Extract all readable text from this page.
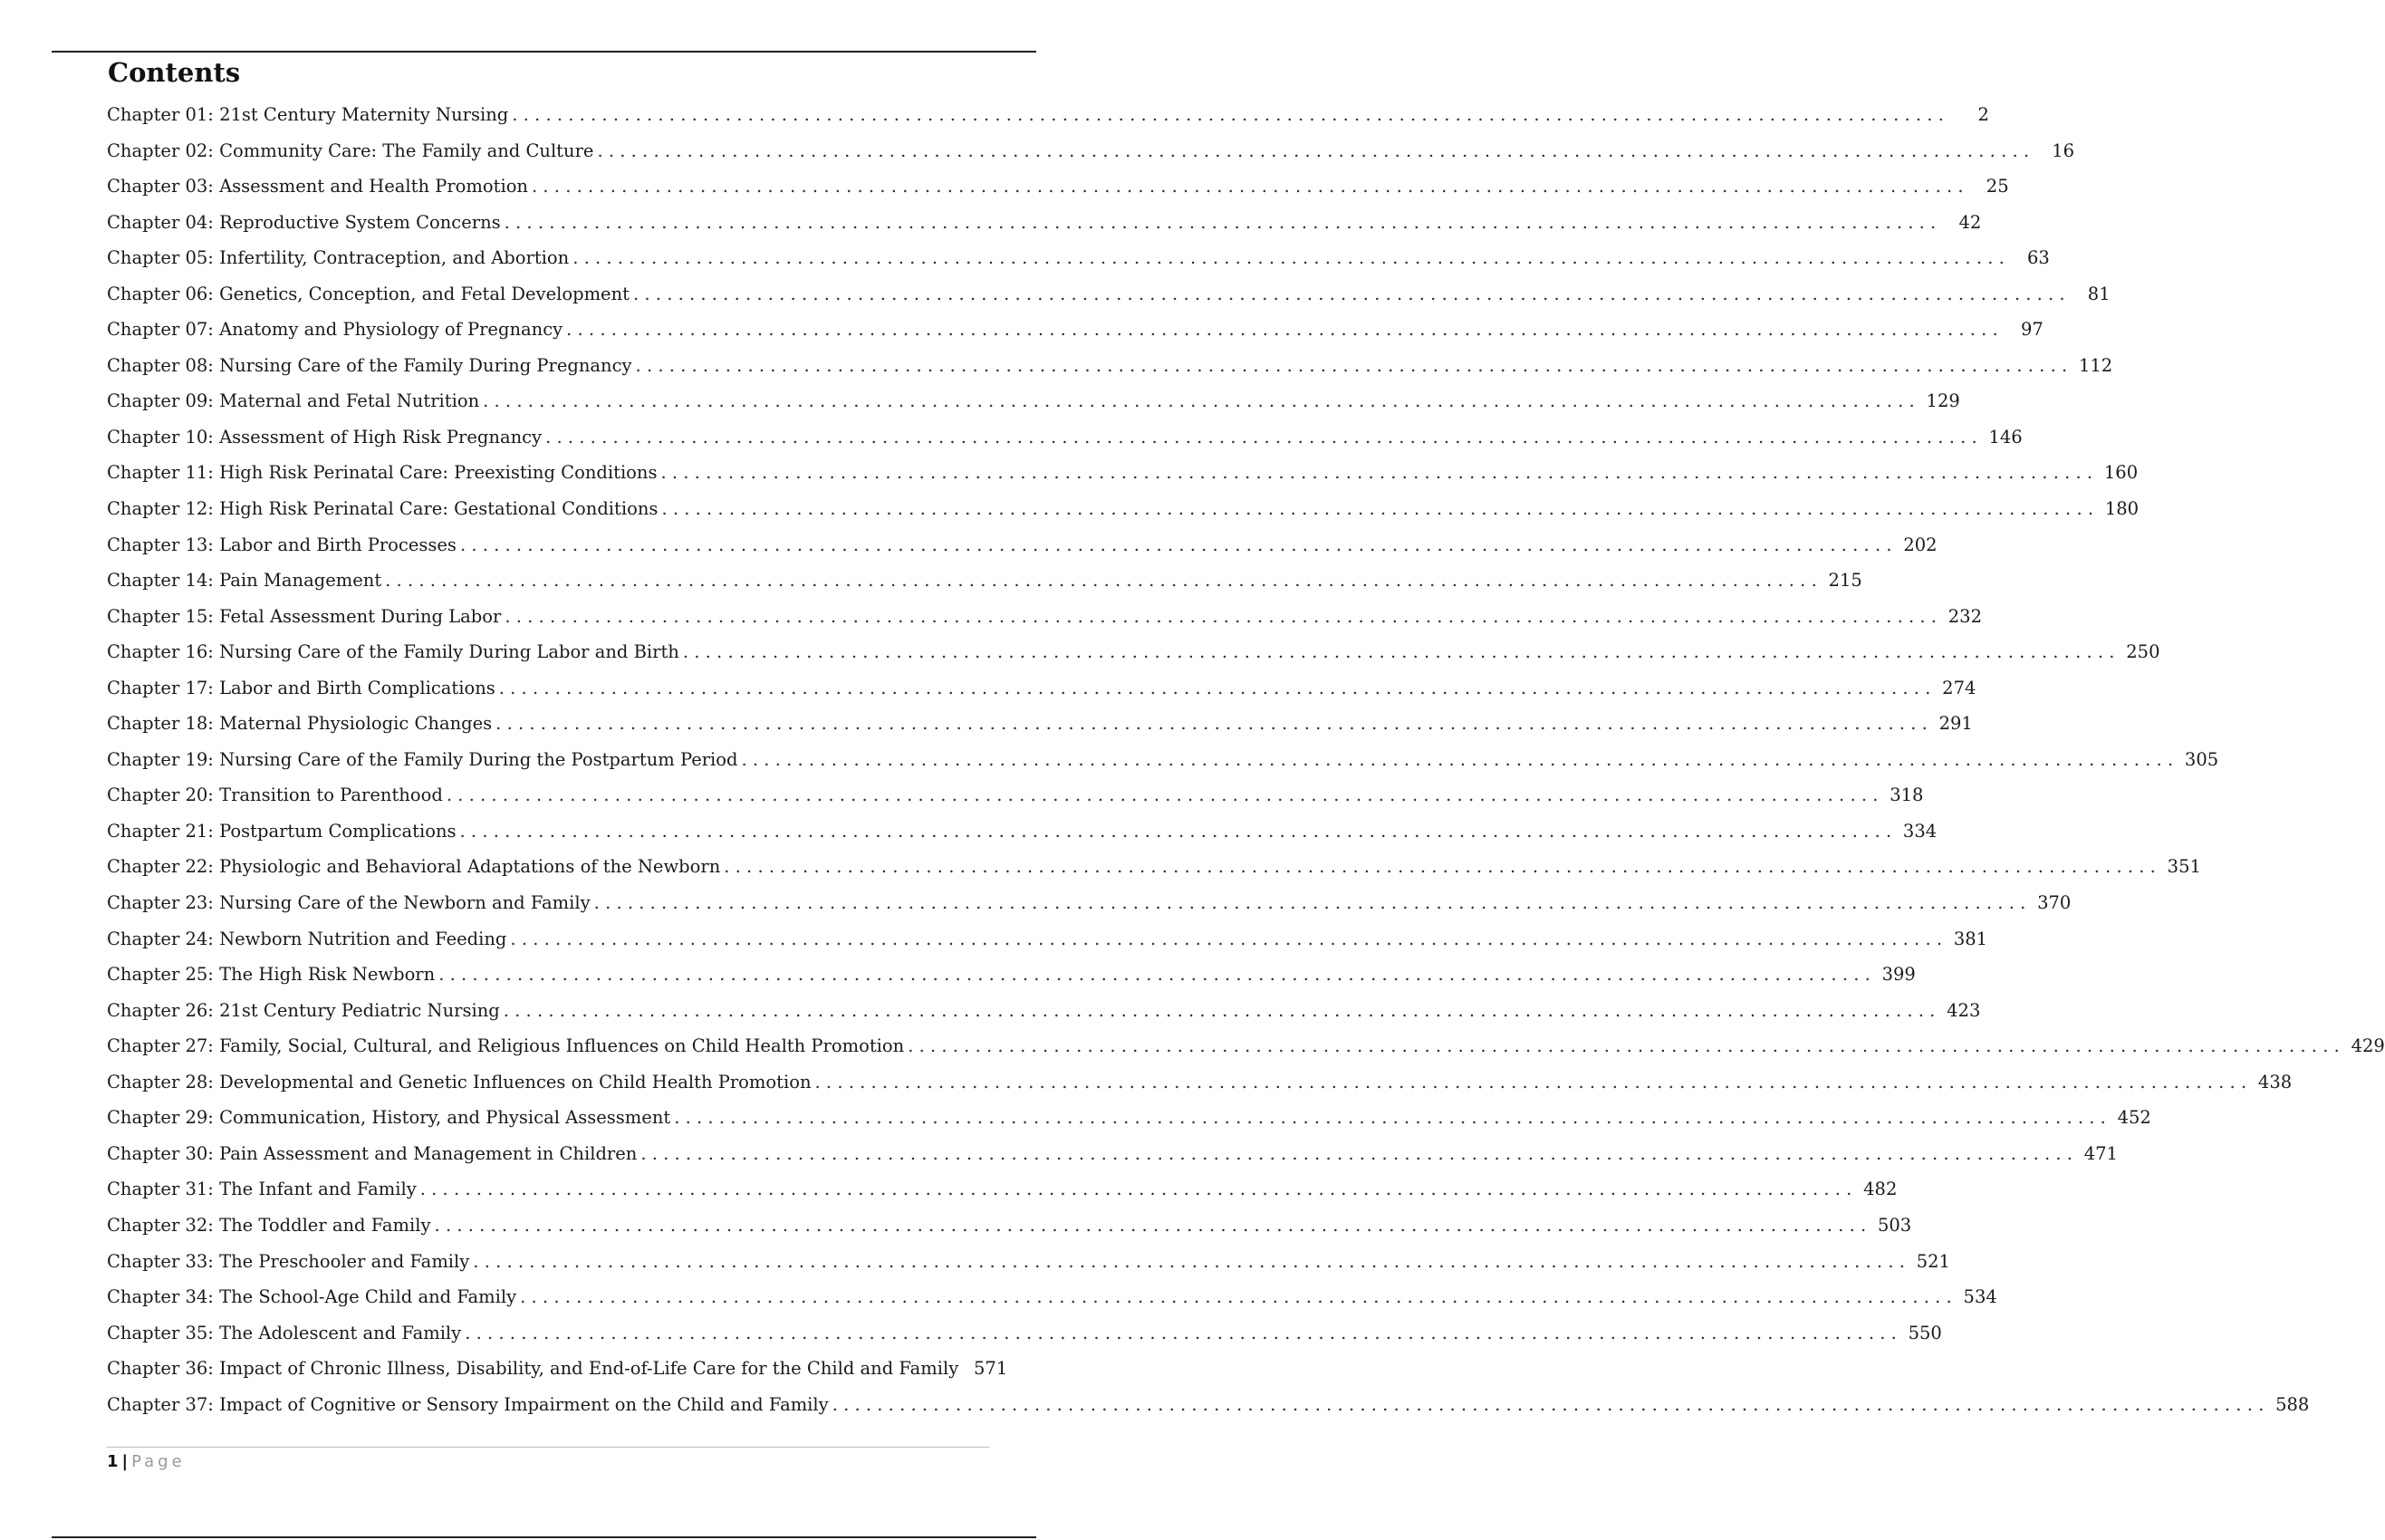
Contents
Chapter 01: 21st Century Maternity Nursing . . .	2
Chapter 02: Community Care: The Family and Culture . . .	16
Chapter 03: Assessment and Health Promotion . . .	25
Chapter 04: Reproductive System Concerns . . .	42
Chapter 05: Infertility, Contraception, and Abortion . . .	63
Chapter 06: Genetics, Conception, and Fetal Development . . .	81
Chapter 07: Anatomy and Physiology of Pregnancy . . .	97
Chapter 08: Nursing Care of the Family During Pregnancy . . .	112
Chapter 09: Maternal and Fetal Nutrition . . .	129
Chapter 10: Assessment of High Risk Pregnancy . . .	146
Chapter 11: High Risk Perinatal Care: Preexisting Conditions . . .	160
Chapter 12: High Risk Perinatal Care: Gestational Conditions . . .	180
Chapter 13: Labor and Birth Processes . . .	202
Chapter 14: Pain Management . . .	215
Chapter 15: Fetal Assessment During Labor . . .	232
Chapter 16: Nursing Care of the Family During Labor and Birth . . .	250
Chapter 17: Labor and Birth Complications . . .	274
Chapter 18: Maternal Physiologic Changes . . .	291
Chapter 19: Nursing Care of the Family During the Postpartum Period . . .	305
Chapter 20: Transition to Parenthood . . .	318
Chapter 21: Postpartum Complications . . .	334
Chapter 22: Physiologic and Behavioral Adaptations of the Newborn . . .	351
Chapter 23: Nursing Care of the Newborn and Family . . .	370
Chapter 24: Newborn Nutrition and Feeding . . .	381
Chapter 25: The High Risk Newborn . . .	399
Chapter 26: 21st Century Pediatric Nursing . . .	423
Chapter 27: Family, Social, Cultural, and Religious Influences on Child Health Promotion . . .	429
Chapter 28: Developmental and Genetic Influences on Child Health Promotion . . .	438
Chapter 29: Communication, History, and Physical Assessment . . .	452
Chapter 30: Pain Assessment and Management in Children . . .	471
Chapter 31: The Infant and Family . . .	482
Chapter 32: The Toddler and Family . . .	503
Chapter 33: The Preschooler and Family . . .	521
Chapter 34: The School-Age Child and Family . . .	534
Chapter 35: The Adolescent and Family . . .	550
Chapter 36: Impact of Chronic Illness, Disability, and End-of-Life Care for the Child and Family 571
Chapter 37: Impact of Cognitive or Sensory Impairment on the Child and Family . . .	588
1 | Page
